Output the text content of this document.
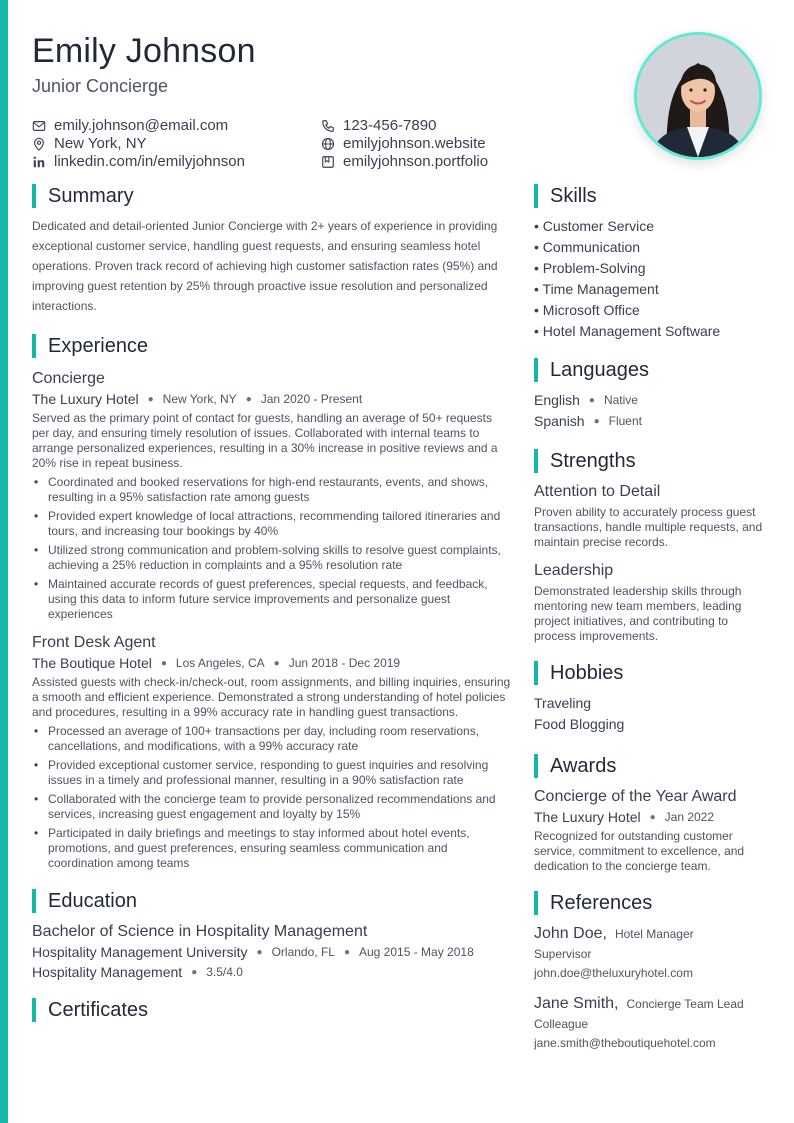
Emily Johnson
Junior Concierge
emily.johnson@email.com	123-456-7890
New York, NY	emilyjohnson.website
linkedin.com/in/emilyjohnson	emilyjohnson.portfolio
Summary
Dedicated and detail-oriented Junior Concierge with 2+ years of experience in providing exceptional customer service, handling guest requests, and ensuring seamless hotel operations. Proven track record of achieving high customer satisfaction rates (95%) and improving guest retention by 25% through proactive issue resolution and personalized interactions.
Experience
Concierge
The Luxury Hotel ● New York, NY ● Jan 2020 - Present
Served as the primary point of contact for guests, handling an average of 50+ requests per day, and ensuring timely resolution of issues. Collaborated with internal teams to arrange personalized experiences, resulting in a 30% increase in positive reviews and a 20% rise in repeat business.
• Coordinated and booked reservations for high-end restaurants, events, and shows, resulting in a 95% satisfaction rate among guests
• Provided expert knowledge of local attractions, recommending tailored itineraries and tours, and increasing tour bookings by 40%
• Utilized strong communication and problem-solving skills to resolve guest complaints, achieving a 25% reduction in complaints and a 95% resolution rate
• Maintained accurate records of guest preferences, special requests, and feedback, using this data to inform future service improvements and personalize guest experiences
Front Desk Agent
The Boutique Hotel ● Los Angeles, CA ● Jun 2018 - Dec 2019
Assisted guests with check-in/check-out, room assignments, and billing inquiries, ensuring a smooth and efficient experience. Demonstrated a strong understanding of hotel policies and procedures, resulting in a 99% accuracy rate in handling guest transactions.
• Processed an average of 100+ transactions per day, including room reservations, cancellations, and modifications, with a 99% accuracy rate
• Provided exceptional customer service, responding to guest inquiries and resolving issues in a timely and professional manner, resulting in a 90% satisfaction rate
• Collaborated with the concierge team to provide personalized recommendations and services, increasing guest engagement and loyalty by 15%
• Participated in daily briefings and meetings to stay informed about hotel events, promotions, and guest preferences, ensuring seamless communication and coordination among teams
Education
Bachelor of Science in Hospitality Management
Hospitality Management University ● Orlando, FL ● Aug 2015 - May 2018
Hospitality Management ● 3.5/4.0
Certificates
Skills
• Customer Service
• Communication
• Problem-Solving
• Time Management
• Microsoft Office
• Hotel Management Software
Languages
English ● Native
Spanish ● Fluent
Strengths
Attention to Detail
Proven ability to accurately process guest transactions, handle multiple requests, and maintain precise records.
Leadership
Demonstrated leadership skills through mentoring new team members, leading project initiatives, and contributing to process improvements.
Hobbies
Traveling
Food Blogging
Awards
Concierge of the Year Award
The Luxury Hotel ● Jan 2022
Recognized for outstanding customer service, commitment to excellence, and dedication to the concierge team.
References
John Doe, Hotel Manager
Supervisor
john.doe@theluxuryhotel.com
Jane Smith, Concierge Team Lead
Colleague
jane.smith@theboutiquehotel.com
